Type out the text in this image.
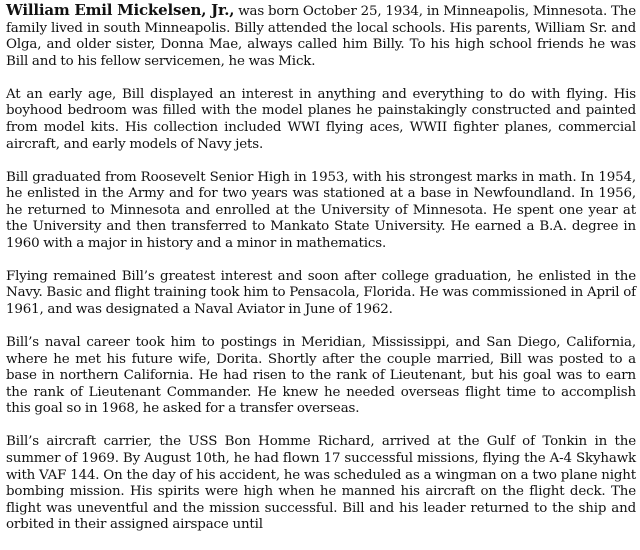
William Emil Mickelsen, Jr., was born October 25, 1934, in Minneapolis, Minnesota. The family lived in south Minneapolis. Billy attended the local schools. His parents, William Sr. and Olga, and older sister, Donna Mae, always called him Billy. To his high school friends he was Bill and to his fellow servicemen, he was Mick.

At an early age, Bill displayed an interest in anything and everything to do with flying. His boyhood bedroom was filled with the model planes he painstakingly constructed and painted from model kits. His collection included WWI flying aces, WWII fighter planes, commercial aircraft, and early models of Navy jets.

Bill graduated from Roosevelt Senior High in 1953, with his strongest marks in math. In 1954, he enlisted in the Army and for two years was stationed at a base in Newfoundland. In 1956, he returned to Minnesota and enrolled at the University of Minnesota. He spent one year at the University and then transferred to Mankato State University. He earned a B.A. degree in 1960 with a major in history and a minor in mathematics.

Flying remained Bill’s greatest interest and soon after college graduation, he enlisted in the Navy. Basic and flight training took him to Pensacola, Florida. He was commissioned in April of 1961, and was designated a Naval Aviator in June of 1962.

Bill’s naval career took him to postings in Meridian, Mississippi, and San Diego, California, where he met his future wife, Dorita. Shortly after the couple married, Bill was posted to a base in northern California. He had risen to the rank of Lieutenant, but his goal was to earn the rank of Lieutenant Commander. He knew he needed overseas flight time to accomplish this goal so in 1968, he asked for a transfer overseas.

Bill’s aircraft carrier, the USS Bon Homme Richard, arrived at the Gulf of Tonkin in the summer of 1969. By August 10th, he had flown 17 successful missions, flying the A-4 Skyhawk with VAF 144. On the day of his accident, he was scheduled as a wingman on a two plane night bombing mission. His spirits were high when he manned his aircraft on the flight deck. The flight was uneventful and the mission successful. Bill and his leader returned to the ship and orbited in their assigned airspace until
